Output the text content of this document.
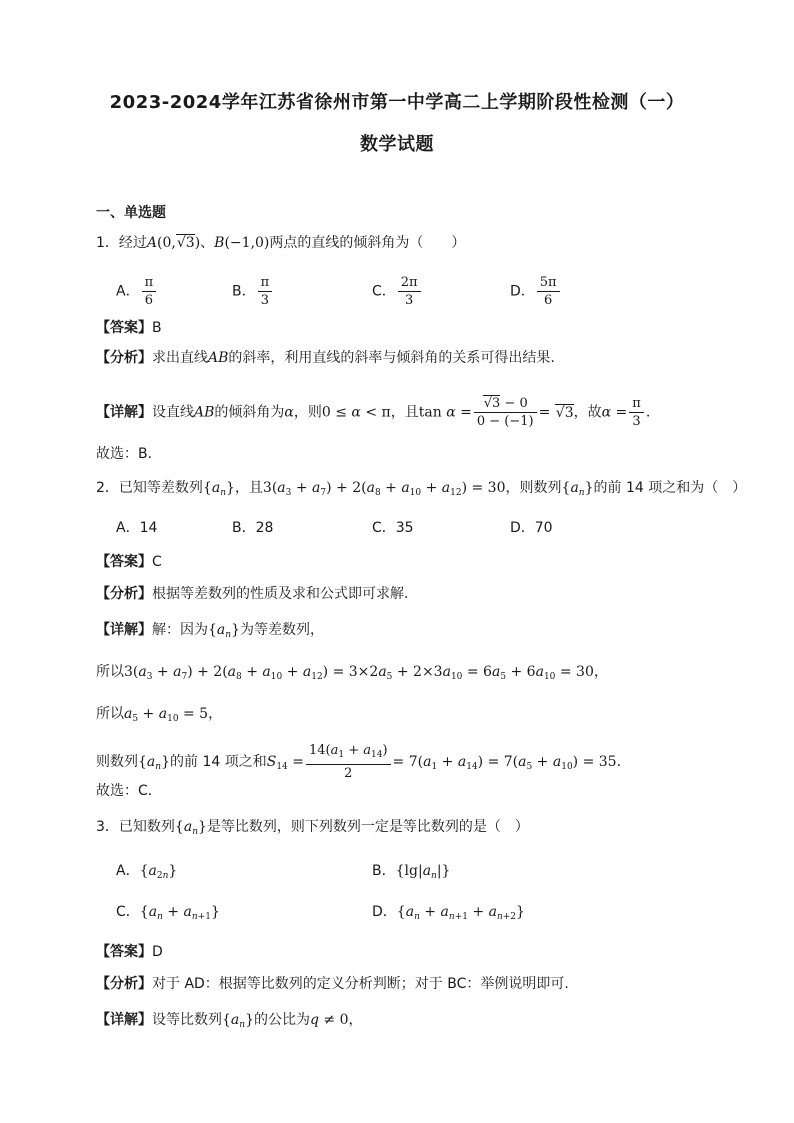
2023-2024学年江苏省徐州市第一中学高二上学期阶段性检测（一）
数学试题
一、单选题
1．经过A(0,√3)、B(−1,0)两点的直线的倾斜角为（　　）
A． $\frac{\pi}{6}$	B． $\frac{\pi}{3}$	C． $\frac{2\pi}{3}$	D． $\frac{5\pi}{6}$
【答案】B
【分析】求出直线AB的斜率，利用直线的斜率与倾斜角的关系可得出结果.
【详解】设直线AB的倾斜角为α，则0 ≤ α < π，且$\tan \alpha = \frac{√3 - 0}{0 - (-1)} = √3$，故$\alpha = \frac{\pi}{3}$ .
故选：B.
2．已知等差数列$\{a_n\}$，且$3(a_3 + a_7) + 2(a_8 + a_{10} + a_{12}) = 30$，则数列$\{a_n\}$的前 14 项之和为（　）
A．14	B．28	C．35	D．70
【答案】C
【分析】根据等差数列的性质及求和公式即可求解.
【详解】解：因为$\{a_n\}$为等差数列，
所以$3(a_3 + a_7) + 2(a_8 + a_{10} + a_{12}) = 3\times 2a_5 + 2\times 3a_{10} = 6a_5 + 6a_{10} = 30$，
所以$a_5 + a_{10} = 5$，
则数列$\{a_n\}$的前 14 项之和$S_{14} = \frac{14(a_1 + a_{14})}{2} = 7(a_1 + a_{14}) = 7(a_5 + a_{10}) = 35$.
故选：C.
3．已知数列$\{a_n\}$是等比数列，则下列数列一定是等比数列的是（　）
A．$\{a_{2n}\}$	B．$\{\lg|a_n|\}$
C．$\{a_n + a_{n+1}\}$	D．$\{a_n + a_{n+1} + a_{n+2}\}$
【答案】D
【分析】对于 AD：根据等比数列的定义分析判断；对于 BC：举例说明即可.
【详解】设等比数列$\{a_n\}$的公比为q ≠ 0，
